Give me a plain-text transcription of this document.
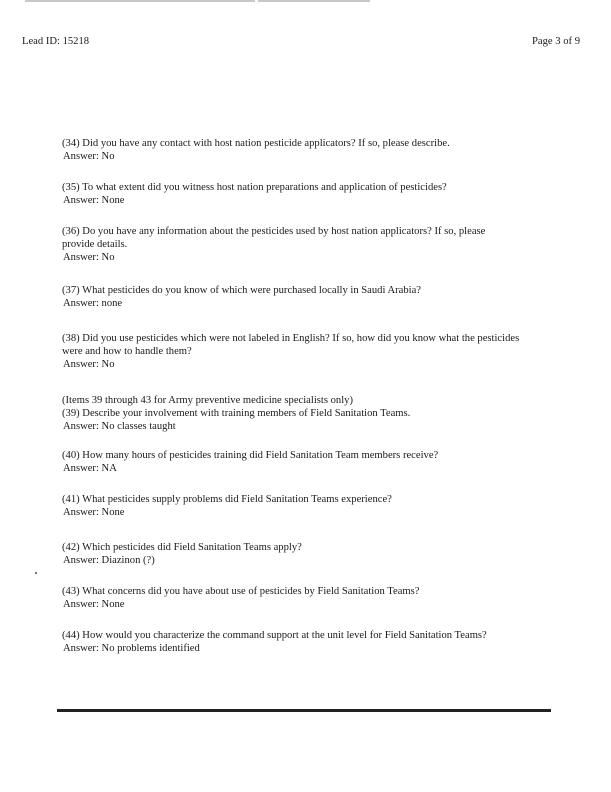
Lead ID: 15218	Page 3 of 9
(34) Did you have any contact with host nation pesticide applicators? If so, please describe.
Answer: No
(35) To what extent did you witness host nation preparations and application of pesticides?
Answer: None
(36) Do you have any information about the pesticides used by host nation applicators? If so, please provide details.
Answer: No
(37) What pesticides do you know of which were purchased locally in Saudi Arabia?
Answer: none
(38) Did you use pesticides which were not labeled in English? If so, how did you know what the pesticides were and how to handle them?
Answer: No
(Items 39 through 43 for Army preventive medicine specialists only)
(39) Describe your involvement with training members of Field Sanitation Teams.
Answer: No classes taught
(40) How many hours of pesticides training did Field Sanitation Team members receive?
Answer: NA
(41) What pesticides supply problems did Field Sanitation Teams experience?
Answer: None
(42) Which pesticides did Field Sanitation Teams apply?
Answer: Diazinon (?)
(43) What concerns did you have about use of pesticides by Field Sanitation Teams?
Answer: None
(44) How would you characterize the command support at the unit level for Field Sanitation Teams?
Answer: No problems identified
